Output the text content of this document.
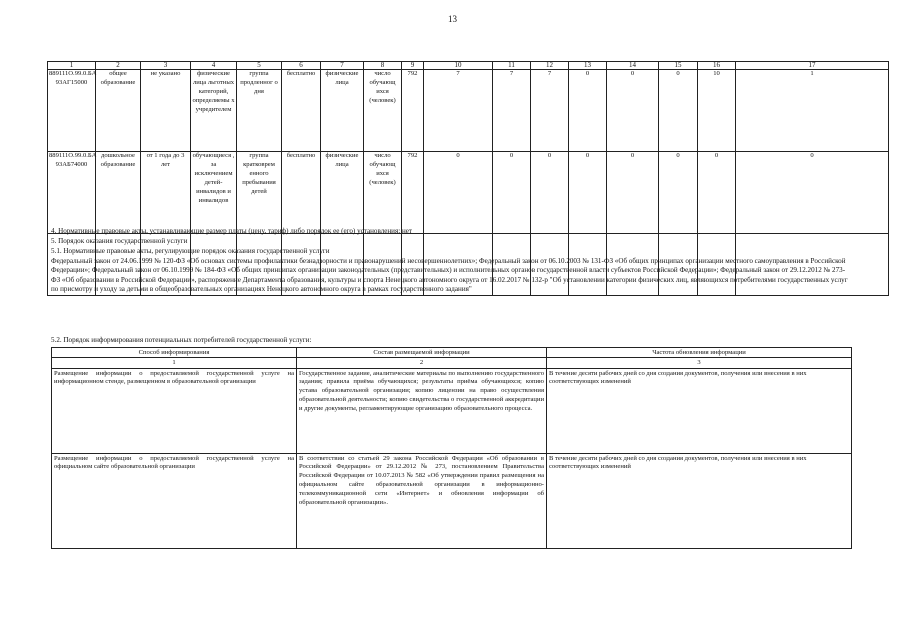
13
1	2	3	4	5	6	7	8	9	10	11	12	13	14	15	16	17
889111О.99.0.БА 93АГ15000	общее образование	не указано	физические лица льготных категорий, определяемы х учредителем	группа продленног о дня	бесплатно	физические лица	число обучающ ихся (человек)	792	7	7	7	0	0	0	10	1
889111О.99.0.БА 93АБ74000	дошкольное образование	от 1 года до 3 лет	обучающиеся , за исключением детей-инвалидов и инвалидов	группа кратковрем енного пребывания детей	бесплатно	физические лица	число обучающ ихся (человек)	792	0	0	0	0	0	0	0	0

4. Нормативные правовые акты, устанавливающие размер платы (цену, тариф) либо порядок ее (его) установления: нет
5. Порядок оказания государственной услуги
5.1. Нормативные правовые акты, регулирующие порядок оказания государственной услуги
Федеральный закон от 24.06.1999 № 120-ФЗ «Об основах системы профилактики безнадзорности и правонарушений несовершеннолетних»; Федеральный закон от 06.10.2003 № 131-ФЗ «Об общих принципах организации местного самоуправления в Российской Федерации»; Федеральный закон от 06.10.1999 № 184-ФЗ «Об общих принципах организации законодательных (представительных) и исполнительных органов государственной власти субъектов Российской Федерации»; Федеральный закон от 29.12.2012 № 273-ФЗ «Об образовании в Российской Федерации», распоряжение Департамента образования, культуры и спорта Ненецкого автономного округа от 16.02.2017 № 132-р "Об установлении категории физических лиц, являющихся потребителями государственных услуг по присмотру и уходу за детьми в общеобразовательных организациях Ненецкого автономного округа в рамках государственного задания"
5.2. Порядок информирования потенциальных потребителей государственной услуги:
Способ информирования	Состав размещаемой информации	Частота обновления информации
1	2	3
Размещение информации о предоставляемой государственной услуге на информационном стенде, размещенном в образовательной организации	Государственное задание, аналитические материалы по выполнению государственного задания; правила приёма обучающихся; результаты приёма обучающихся; копию устава образовательной организации; копию лицензии на право осуществления образовательной деятельности; копию свидетельства о государственной аккредитации и другие документы, регламентирующие организацию образовательного процесса.	В течение десяти рабочих дней со дня создания документов, получения или внесения в них соответствующих изменений
Размещение информации о предоставляемой государственной услуге на официальном сайте образовательной организации	В соответствии со статьей 29 закона Российской Федерации «Об образовании в Российской Федерации» от 29.12.2012 № 273, постановлением Правительства Российской Федерации от 10.07.2013 № 582 «Об утверждении правил размещения на официальном сайте образовательной организации в информационно-телекоммуникационной сети «Интернет» и обновления информации об образовательной организации».	В течение десяти рабочих дней со дня создания документов, получения или внесения в них соответствующих изменений
